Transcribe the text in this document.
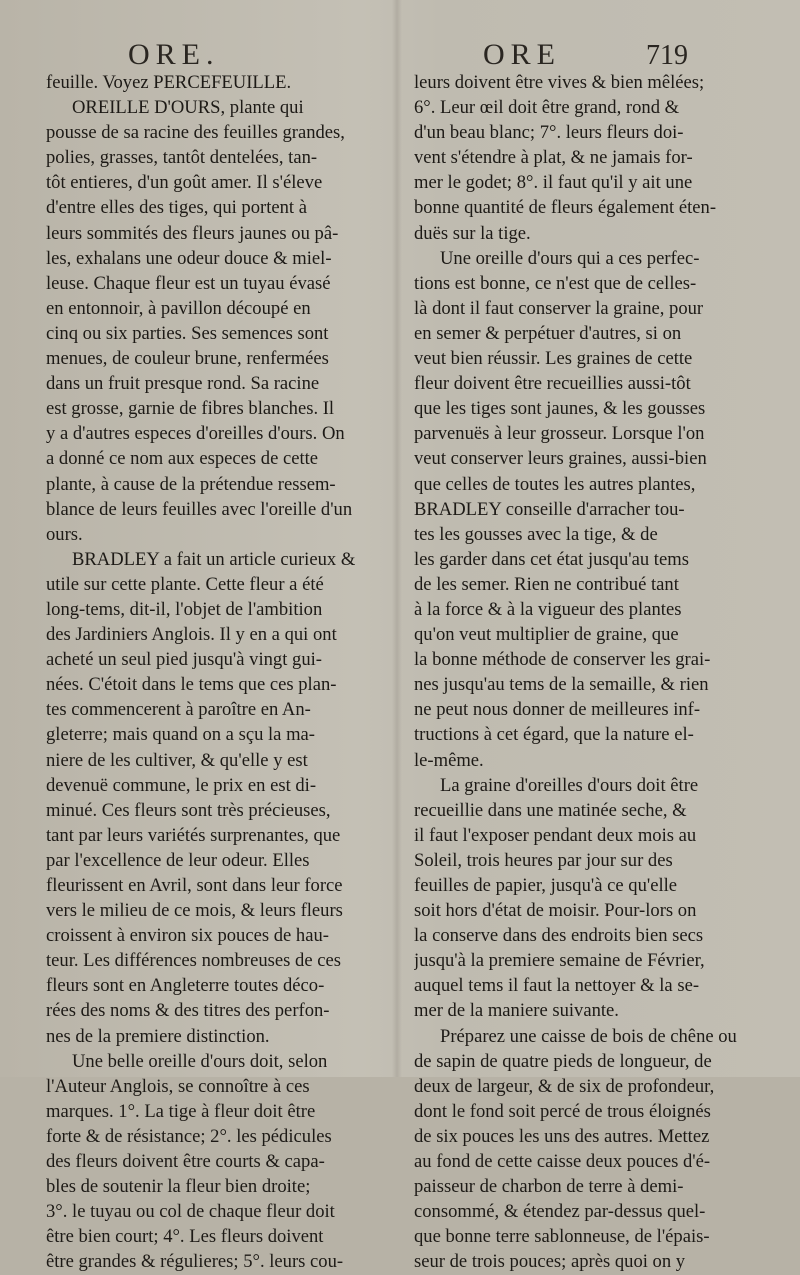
ORE.	ORE	719
feuille. Voyez PERCEFEUILLE.
OREILLE D'OURS, plante qui
pousse de sa racine des feuilles grandes,
polies, grasses, tantôt dentelées, tan-
tôt entieres, d'un goût amer. Il s'éleve
d'entre elles des tiges, qui portent à
leurs sommités des fleurs jaunes ou pâ-
les, exhalans une odeur douce & miel-
leuse. Chaque fleur est un tuyau évasé
en entonnoir, à pavillon découpé en
cinq ou six parties. Ses semences sont
menues, de couleur brune, renfermées
dans un fruit presque rond. Sa racine
est grosse, garnie de fibres blanches. Il
y a d'autres especes d'oreilles d'ours. On
a donné ce nom aux especes de cette
plante, à cause de la prétendue ressem-
blance de leurs feuilles avec l'oreille d'un
ours.
BRADLEY a fait un article curieux &
utile sur cette plante. Cette fleur a été
long-tems, dit-il, l'objet de l'ambition
des Jardiniers Anglois. Il y en a qui ont
acheté un seul pied jusqu'à vingt gui-
nées. C'étoit dans le tems que ces plan-
tes commencerent à paroître en An-
gleterre; mais quand on a sçu la ma-
niere de les cultiver, & qu'elle y est
devenuë commune, le prix en est di-
minué. Ces fleurs sont très précieuses,
tant par leurs variétés surprenantes, que
par l'excellence de leur odeur. Elles
fleurissent en Avril, sont dans leur force
vers le milieu de ce mois, & leurs fleurs
croissent à environ six pouces de hau-
teur. Les différences nombreuses de ces
fleurs sont en Angleterre toutes déco-
rées des noms & des titres des perfon-
nes de la premiere distinction.
Une belle oreille d'ours doit, selon
l'Auteur Anglois, se connoître à ces
marques. 1°. La tige à fleur doit être
forte & de résistance; 2°. les pédicules
des fleurs doivent être courts & capa-
bles de soutenir la fleur bien droite;
3°. le tuyau ou col de chaque fleur doit
être bien court; 4°. Les fleurs doivent
être grandes & régulieres; 5°. leurs cou-
leurs doivent être vives & bien mêlées;
6°. Leur œil doit être grand, rond &
d'un beau blanc; 7°. leurs fleurs doi-
vent s'étendre à plat, & ne jamais for-
mer le godet; 8°. il faut qu'il y ait une
bonne quantité de fleurs également éten-
duës sur la tige.
Une oreille d'ours qui a ces perfec-
tions est bonne, ce n'est que de celles-
là dont il faut conserver la graine, pour
en semer & perpétuer d'autres, si on
veut bien réussir. Les graines de cette
fleur doivent être recueillies aussi-tôt
que les tiges sont jaunes, & les gousses
parvenuës à leur grosseur. Lorsque l'on
veut conserver leurs graines, aussi-bien
que celles de toutes les autres plantes,
BRADLEY conseille d'arracher tou-
tes les gousses avec la tige, & de
les garder dans cet état jusqu'au tems
de les semer. Rien ne contribué tant
à la force & à la vigueur des plantes
qu'on veut multiplier de graine, que
la bonne méthode de conserver les grai-
nes jusqu'au tems de la semaille, & rien
ne peut nous donner de meilleures inf-
tructions à cet égard, que la nature el-
le-même.
La graine d'oreilles d'ours doit être
recueillie dans une matinée seche, &
il faut l'exposer pendant deux mois au
Soleil, trois heures par jour sur des
feuilles de papier, jusqu'à ce qu'elle
soit hors d'état de moisir. Pour-lors on
la conserve dans des endroits bien secs
jusqu'à la premiere semaine de Février,
auquel tems il faut la nettoyer & la se-
mer de la maniere suivante.
Préparez une caisse de bois de chêne ou
de sapin de quatre pieds de longueur, de
deux de largeur, & de six de profondeur,
dont le fond soit percé de trous éloignés
de six pouces les uns des autres. Mettez
au fond de cette caisse deux pouces d'é-
paisseur de charbon de terre à demi-
consommé, & étendez par-dessus quel-
que bonne terre sablonneuse, de l'épais-
seur de trois pouces; après quoi on y
